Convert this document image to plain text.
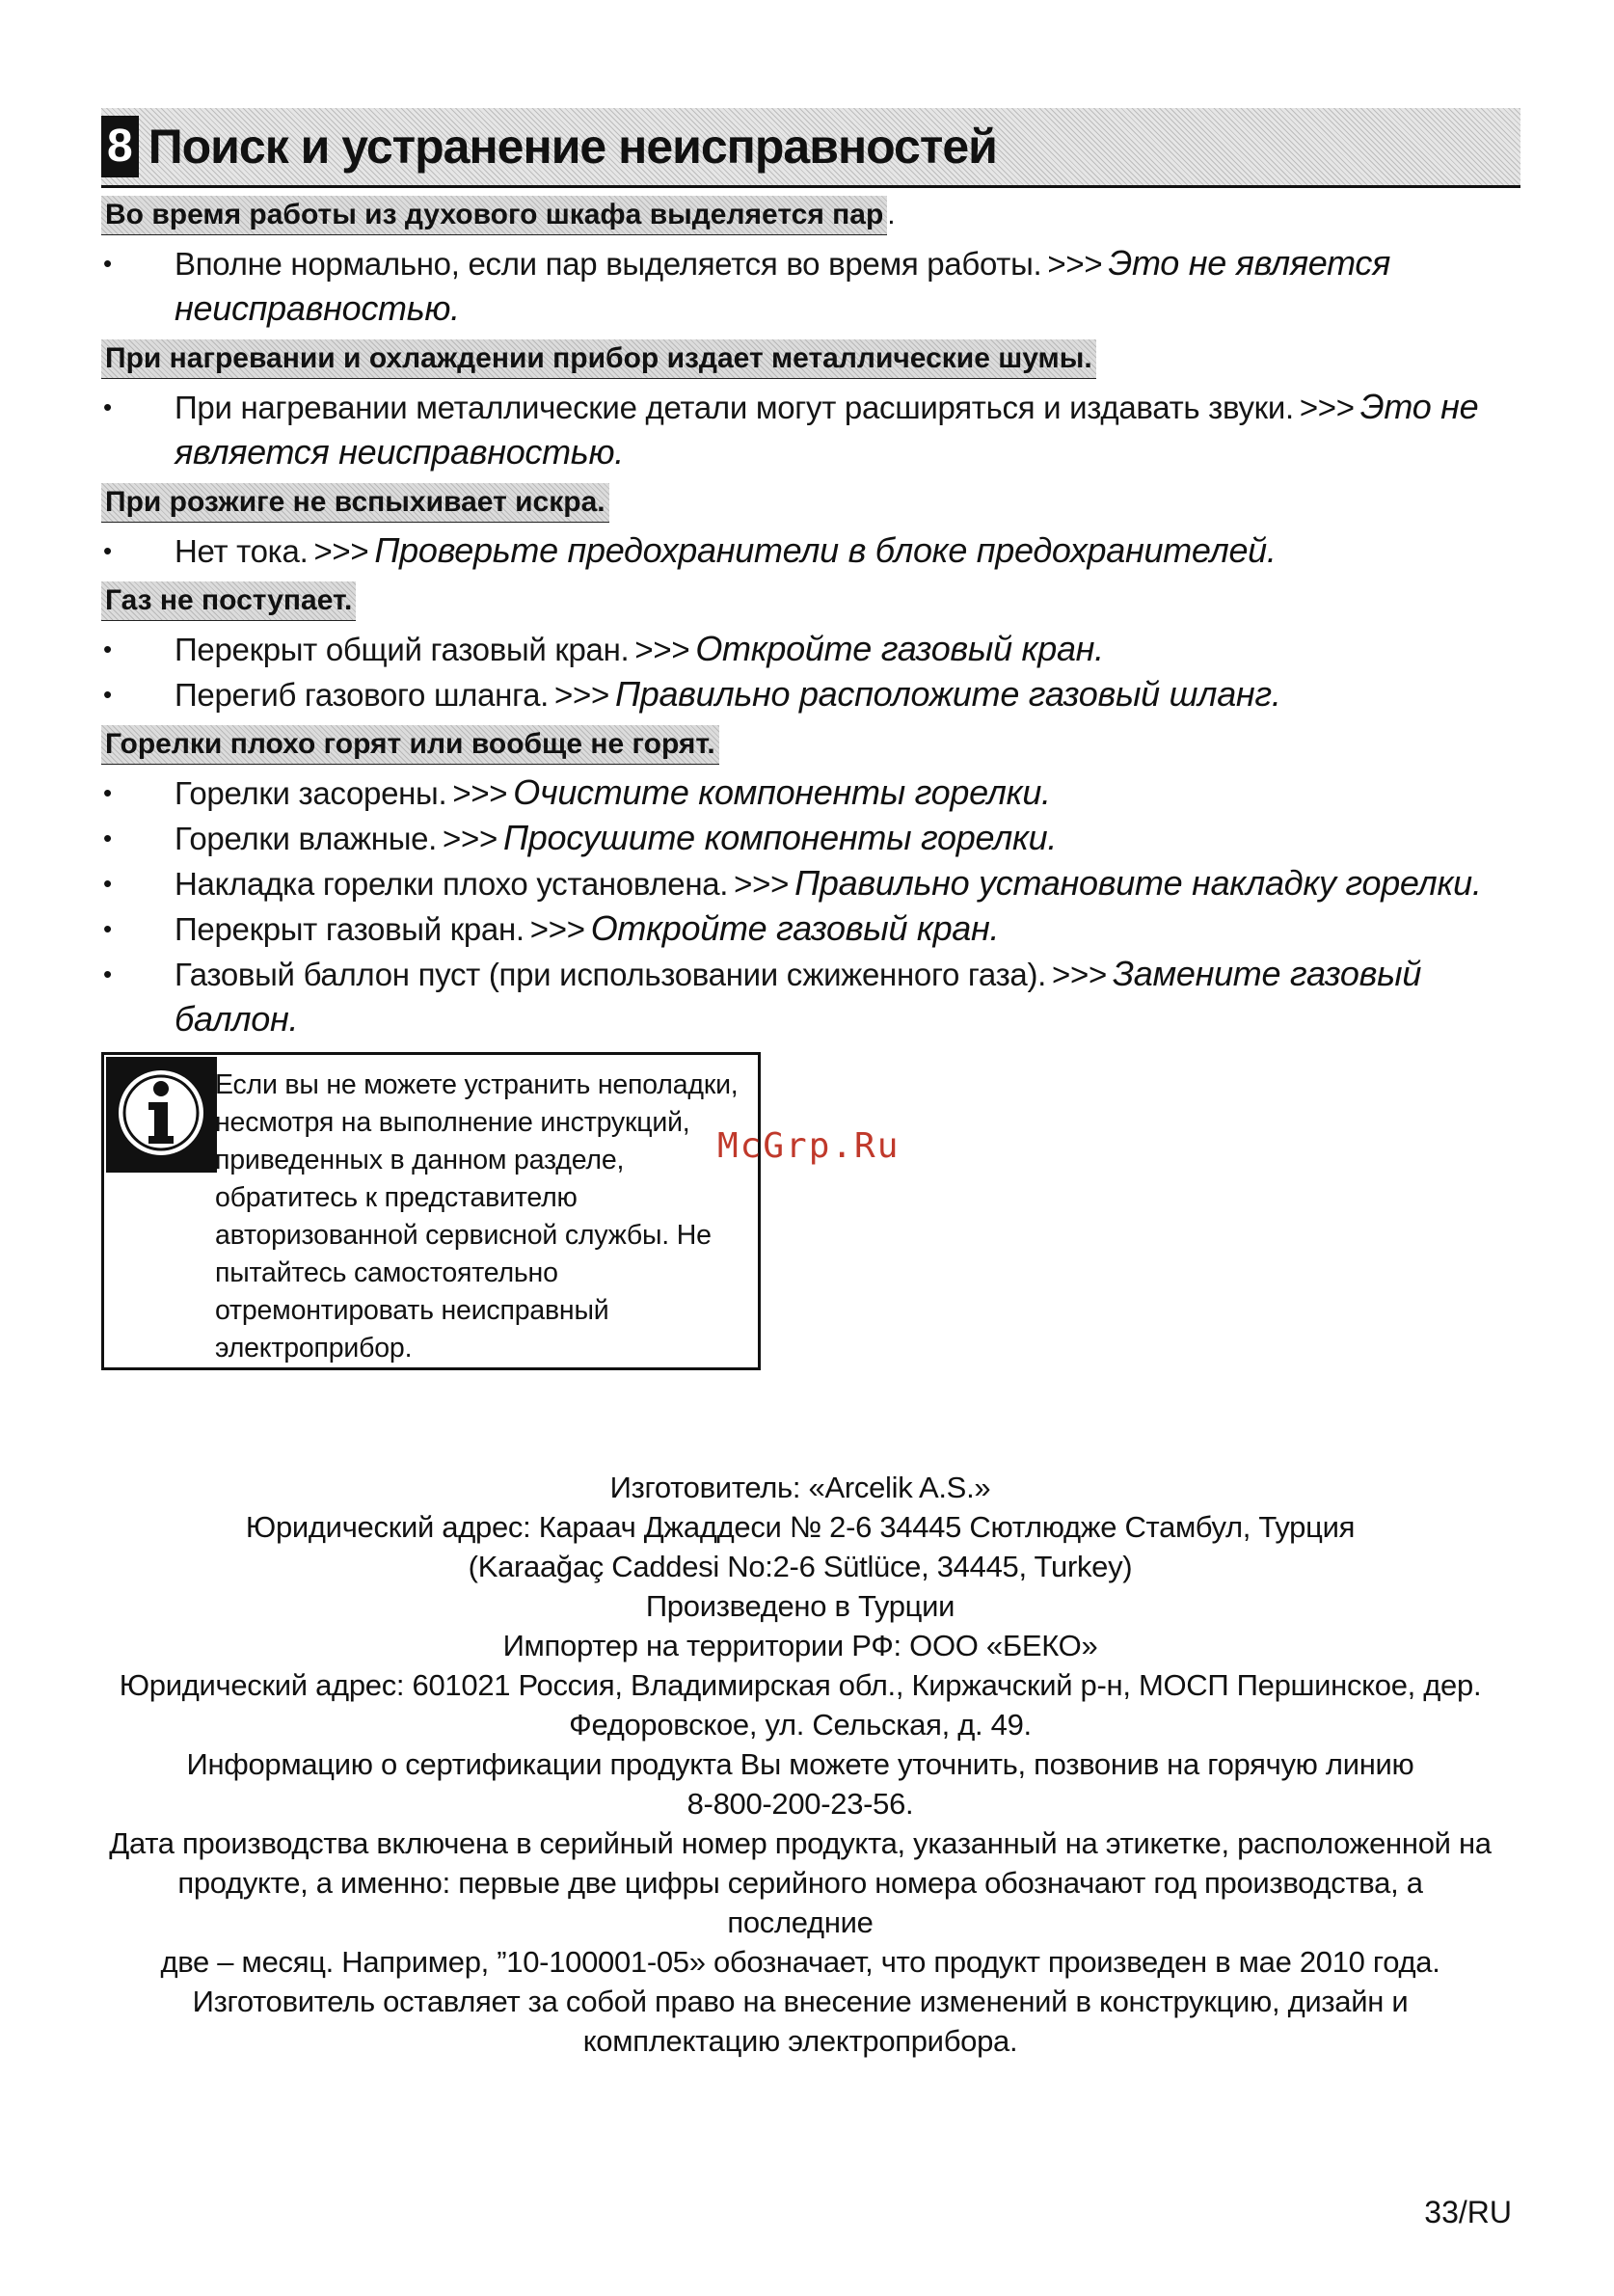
8 Поиск и устранение неисправностей
Во время работы из духового шкафа выделяется пар .
• Вполне нормально, если пар выделяется во время работы. >>> Это не является неисправностью.
При нагревании и охлаждении прибор издает металлические шумы.
• При нагревании металлические детали могут расширяться и издавать звуки. >>> Это не является неисправностью.
При розжиге не вспыхивает искра.
• Нет тока. >>> Проверьте предохранители в блоке предохранителей.
Газ не поступает.
• Перекрыт общий газовый кран. >>> Откройте газовый кран.
• Перегиб газового шланга. >>> Правильно расположите газовый шланг.
Горелки плохо горят или вообще не горят.
• Горелки засорены. >>> Очистите компоненты горелки.
• Горелки влажные. >>> Просушите компоненты горелки.
• Накладка горелки плохо установлена. >>> Правильно установите накладку горелки.
• Перекрыт газовый кран. >>> Откройте газовый кран.
• Газовый баллон пуст (при использовании сжиженного газа). >>> Замените газовый баллон.
Если вы не можете устранить неполадки, несмотря на выполнение инструкций, приведенных в данном разделе, обратитесь к представителю авторизованной сервисной службы. Не пытайтесь самостоятельно отремонтировать неисправный электроприбор.
McGrp.Ru
Изготовитель: «Arcelik A.S.»
Юридический адрес: Караач Джаддеси № 2-6 34445 Сютлюдже Стамбул, Турция
(Karaağaç Caddesi No:2-6 Sütlüce, 34445, Turkey)
Произведено в Турции
Импортер на территории РФ: ООО «БЕКО»
Юридический адрес: 601021 Россия, Владимирская обл., Киржачский р-н, МОСП Першинское, дер.
Федоровское, ул. Сельская, д. 49.
Информацию о сертификации продукта Вы можете уточнить, позвонив на горячую линию
8-800-200-23-56.
Дата производства включена в серийный номер продукта, указанный на этикетке, расположенной на
продукте, а именно: первые две цифры серийного номера обозначают год производства, а последние
две – месяц. Например, ”10-100001-05» обозначает, что продукт произведен в мае 2010 года.
Изготовитель оставляет за собой право на внесение изменений в конструкцию, дизайн и
комплектацию электроприбора.
33/RU
